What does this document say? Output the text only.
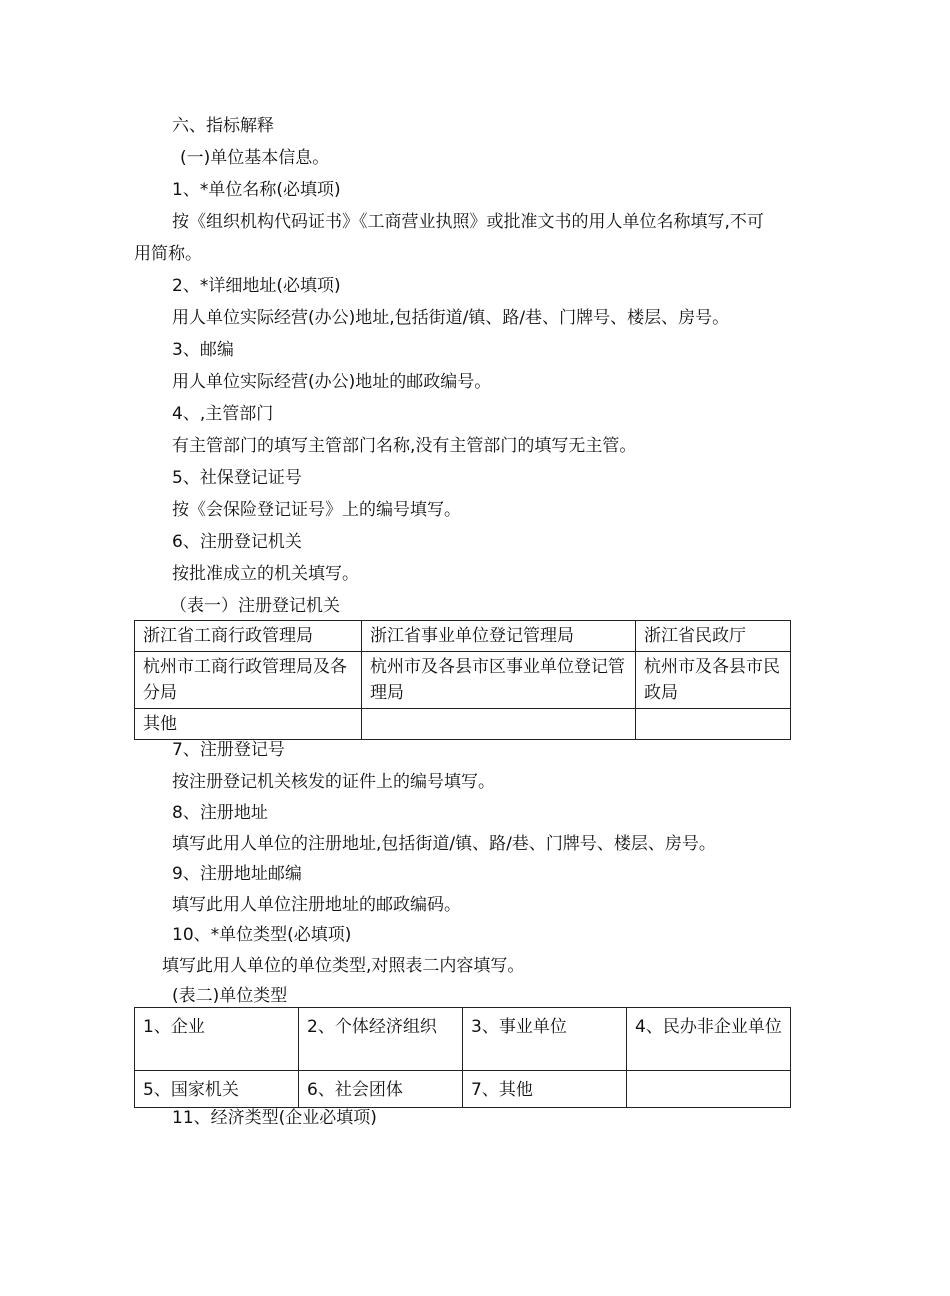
六、指标解释
(一)单位基本信息。
1、*单位名称(必填项)
按《组织机构代码证书》《工商营业执照》或批准文书的用人单位名称填写,不可
用简称。
2、*详细地址(必填项)
用人单位实际经营(办公)地址,包括街道/镇、路/巷、门牌号、楼层、房号。
3、邮编
用人单位实际经营(办公)地址的邮政编号。
4、,主管部门
有主管部门的填写主管部门名称,没有主管部门的填写无主管。
5、社保登记证号
按《会保险登记证号》上的编号填写。
6、注册登记机关
按批准成立的机关填写。
（表一）注册登记机关
浙江省工商行政管理局	浙江省事业单位登记管理局	浙江省民政厅
杭州市工商行政管理局及各分局	杭州市及各县市区事业单位登记管理局	杭州市及各县市民政局
其他		
7、注册登记号
按注册登记机关核发的证件上的编号填写。
8、注册地址
填写此用人单位的注册地址,包括街道/镇、路/巷、门牌号、楼层、房号。
9、注册地址邮编
填写此用人单位注册地址的邮政编码。
10、*单位类型(必填项)
填写此用人单位的单位类型,对照表二内容填写。
(表二)单位类型
1、企业	2、个体经济组织	3、事业单位	4、民办非企业单位
5、国家机关	6、社会团体	7、其他	
11、经济类型(企业必填项)
